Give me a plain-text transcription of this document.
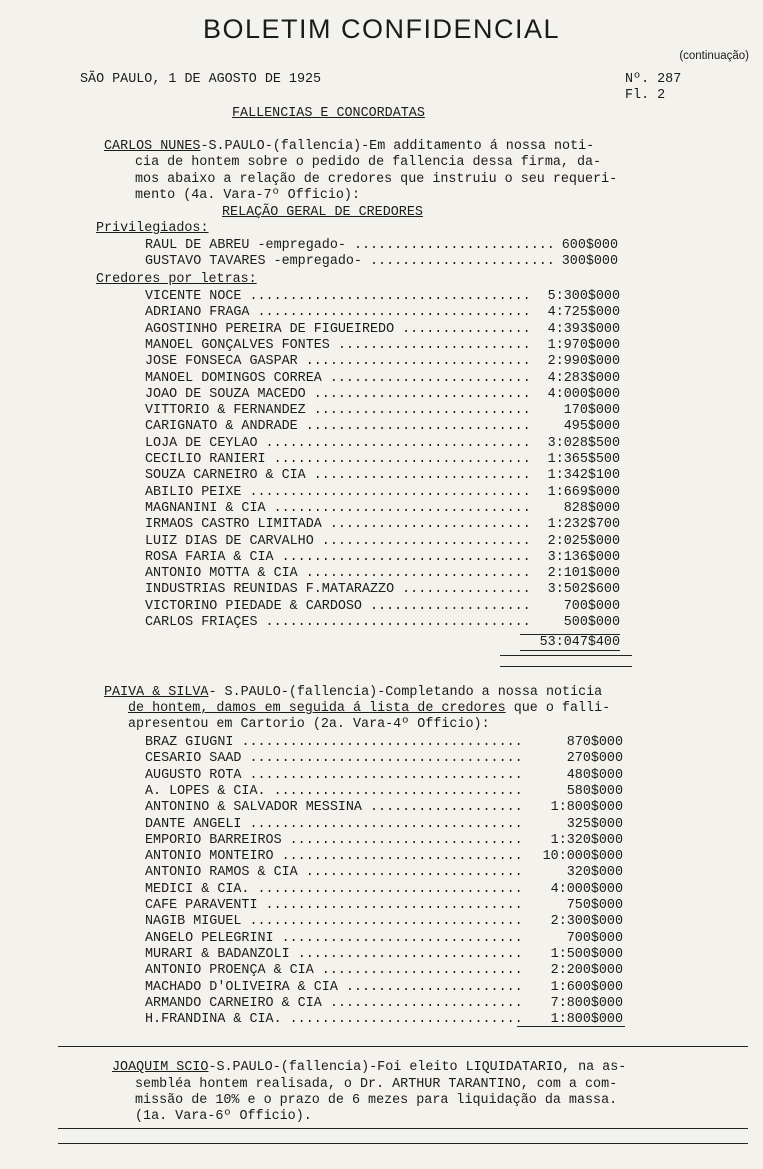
BOLETIM CONFIDENCIAL
(continuação)
SÃO PAULO, 1 DE AGOSTO DE 1925	Nº. 287
Fl. 2
FALLENCIAS E CONCORDATAS
CARLOS NUNES-S.PAULO-(fallencia)-Em additamento á nossa noti-
cia de hontem sobre o pedido de fallencia dessa firma, da-
mos abaixo a relação de credores que instruiu o seu requeri-
mento (4a. Vara-7º Officio):
RELAÇÃO GERAL DE CREDORES
Privilegiados:
RAUL DE ABREU -empregado- .....	600$000
GUSTAVO TAVARES -empregado- .....	300$000
Credores por letras:
VICENTE NOCE .....	5:300$000
ADRIANO FRAGA .....	4:725$000
AGOSTINHO PEREIRA DE FIGUEIREDO .....	4:393$000
MANOEL GONÇALVES FONTES .....	1:970$000
JOSÉ FONSECA GASPAR .....	2:990$000
MANOEL DOMINGOS CORREA .....	4:283$000
JOÃO DE SOUZA MACEDO .....	4:000$000
VITTORIO & FERNANDEZ .....	170$000
CARIGNATO & ANDRADE .....	495$000
LOJA DE CEYLÃO .....	3:028$500
CECILIO RANIERI .....	1:365$500
SOUZA CARNEIRO & CIA .....	1:342$100
ABILIO PEIXE .....	1:669$000
MAGNANINI & CIA .....	828$000
IRMÃOS CASTRO LIMITADA .....	1:232$700
LUIZ DIAS DE CARVALHO .....	2:025$000
ROSA FARIA & CIA .....	3:136$000
ANTONIO MOTTA & CIA .....	2:101$000
INDUSTRIAS REUNIDAS F.MATARAZZO .....	3:502$600
VICTORINO PIEDADE & CARDOSO .....	700$000
CARLOS FRIAÇES .....	500$000
53:047$400
PAIVA & SILVA- S.PAULO-(fallencia)-Completando a nossa noticia
de hontem, damos em seguida á lista de credores que o falli-
apresentou em Cartorio (2a. Vara-4º Officio):
BRAZ GIUGNI .....	870$000
CESARIO SAAD .....	270$000
AUGUSTO ROTA .....	480$000
A. LOPES & CIA. .....	580$000
ANTONINO & SALVADOR MESSINA .....	1:800$000
DANTE ANGELI .....	325$000
EMPORIO BARREIROS .....	1:320$000
ANTONIO MONTEIRO .....	10:000$000
ANTONIO RAMOS & CIA .....	320$000
MEDICI & CIA. .....	4:000$000
CAFÉ PARAVENTI .....	750$000
NAGIB MIGUEL .....	2:300$000
ANGELO PELEGRINI .....	700$000
MURARI & BADANZOLI .....	1:500$000
ANTONIO PROENÇA & CIA .....	2:200$000
MACHADO D'OLIVEIRA & CIA .....	1:600$000
ARMANDO CARNEIRO & CIA .....	7:800$000
H.FRANDINA & CIA. .....	1:800$000
JOAQUIM SCIO-S.PAULO-(fallencia)-Foi eleito LIQUIDATARIO, na as-
sembléa hontem realisada, o Dr. ARTHUR TARANTINO, com a com-
missão de 10% e o prazo de 6 mezes para liquidação da massa.
(1a. Vara-6º Officio).
